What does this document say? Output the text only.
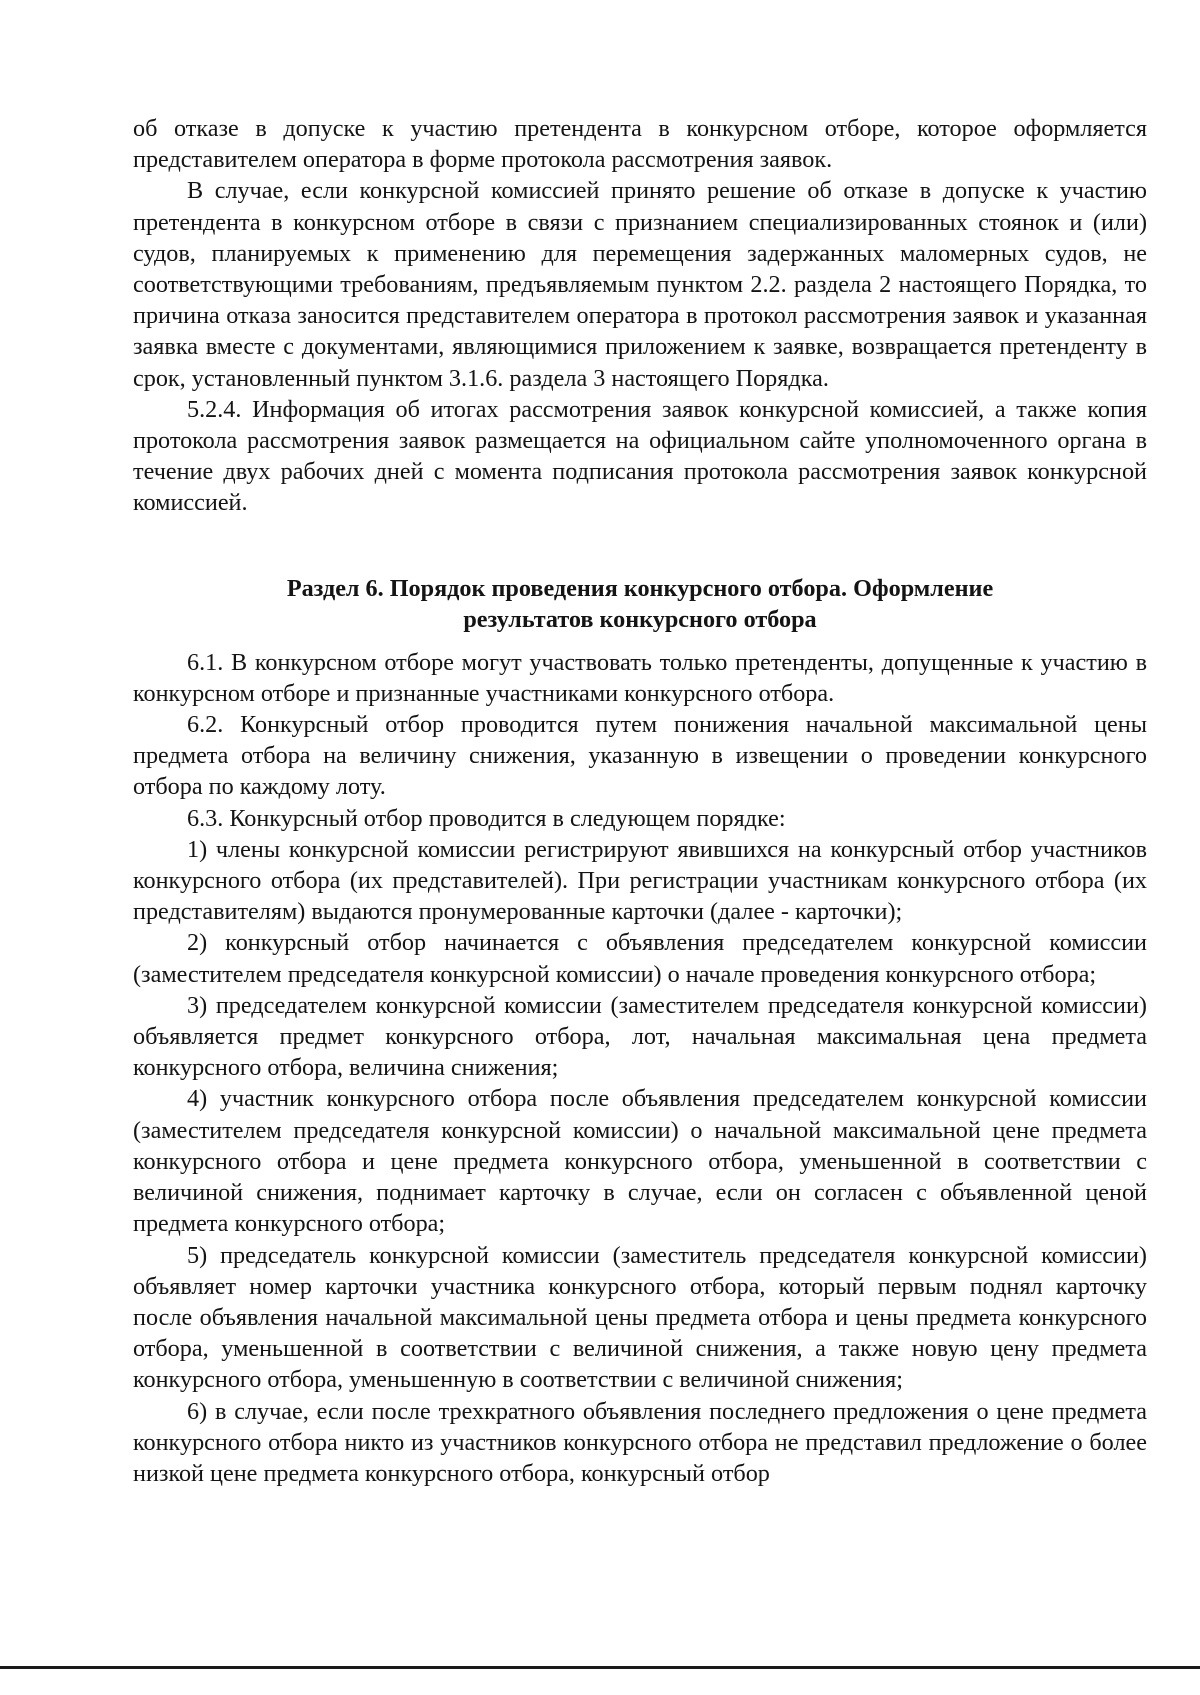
об отказе в допуске к участию претендента в конкурсном отборе, которое оформляется представителем оператора в форме протокола рассмотрения заявок.

В случае, если конкурсной комиссией принято решение об отказе в допуске к участию претендента в конкурсном отборе в связи с признанием специализированных стоянок и (или) судов, планируемых к применению для перемещения задержанных маломерных судов, не соответствующими требованиям, предъявляемым пунктом 2.2. раздела 2 настоящего Порядка, то причина отказа заносится представителем оператора в протокол рассмотрения заявок и указанная заявка вместе с документами, являющимися приложением к заявке, возвращается претенденту в срок, установленный пунктом 3.1.6. раздела 3 настоящего Порядка.

5.2.4. Информация об итогах рассмотрения заявок конкурсной комиссией, а также копия протокола рассмотрения заявок размещается на официальном сайте уполномоченного органа в течение двух рабочих дней с момента подписания протокола рассмотрения заявок конкурсной комиссией.

Раздел 6. Порядок проведения конкурсного отбора. Оформление
результатов конкурсного отбора

6.1. В конкурсном отборе могут участвовать только претенденты, допущенные к участию в конкурсном отборе и признанные участниками конкурсного отбора.

6.2. Конкурсный отбор проводится путем понижения начальной максимальной цены предмета отбора на величину снижения, указанную в извещении о проведении конкурсного отбора по каждому лоту.

6.3. Конкурсный отбор проводится в следующем порядке:

1) члены конкурсной комиссии регистрируют явившихся на конкурсный отбор участников конкурсного отбора (их представителей). При регистрации участникам конкурсного отбора (их представителям) выдаются пронумерованные карточки (далее - карточки);

2) конкурсный отбор начинается с объявления председателем конкурсной комиссии (заместителем председателя конкурсной комиссии) о начале проведения конкурсного отбора;

3) председателем конкурсной комиссии (заместителем председателя конкурсной комиссии) объявляется предмет конкурсного отбора, лот, начальная максимальная цена предмета конкурсного отбора, величина снижения;

4) участник конкурсного отбора после объявления председателем конкурсной комиссии (заместителем председателя конкурсной комиссии) о начальной максимальной цене предмета конкурсного отбора и цене предмета конкурсного отбора, уменьшенной в соответствии с величиной снижения, поднимает карточку в случае, если он согласен с объявленной ценой предмета конкурсного отбора;

5) председатель конкурсной комиссии (заместитель председателя конкурсной комиссии) объявляет номер карточки участника конкурсного отбора, который первым поднял карточку после объявления начальной максимальной цены предмета отбора и цены предмета конкурсного отбора, уменьшенной в соответствии с величиной снижения, а также новую цену предмета конкурсного отбора, уменьшенную в соответствии с величиной снижения;

6) в случае, если после трехкратного объявления последнего предложения о цене предмета конкурсного отбора никто из участников конкурсного отбора не представил предложение о более низкой цене предмета конкурсного отбора, конкурсный отбор
